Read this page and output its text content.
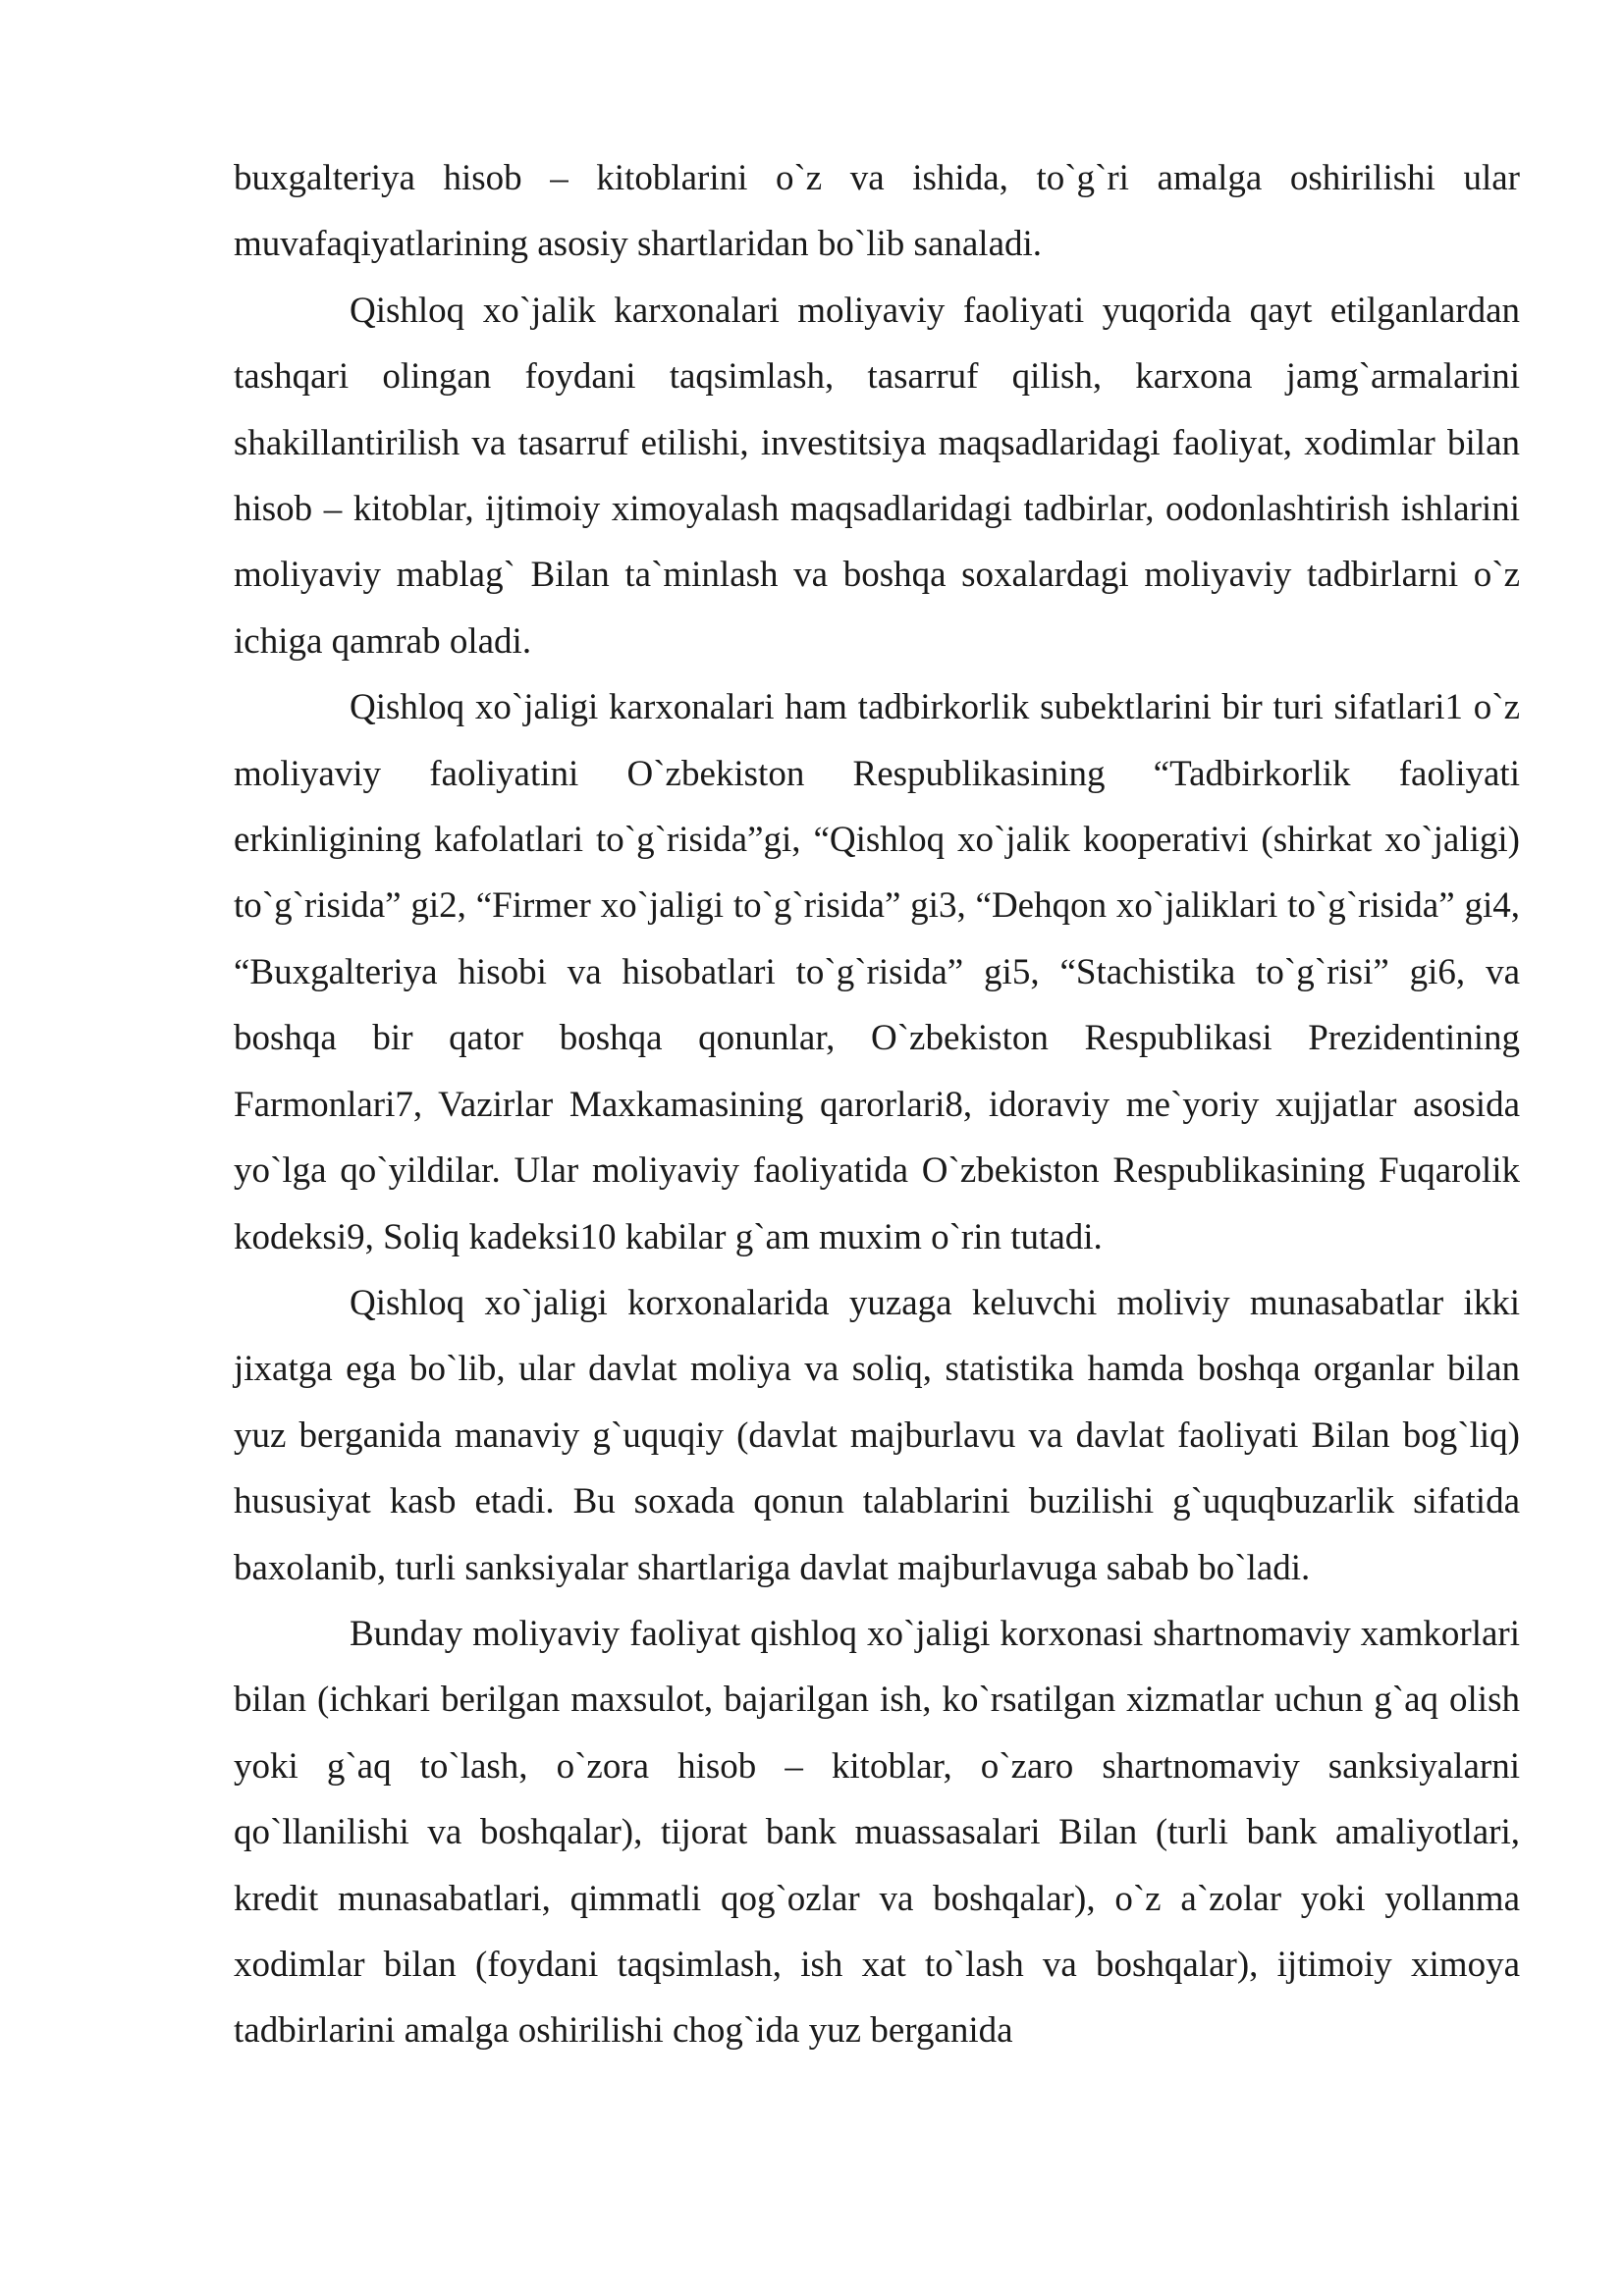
buxgalteriya hisob – kitoblarini o`z va ishida, to`g`ri amalga oshirilishi ular muvafaqiyatlarining asosiy shartlaridan bo`lib sanaladi.

Qishloq xo`jalik karxonalari moliyaviy faoliyati yuqorida qayt etilganlardan tashqari olingan foydani taqsimlash, tasarruf qilish, karxona jamg`armalarini shakillantirilish va tasarruf etilishi, investitsiya maqsadlaridagi faoliyat, xodimlar bilan hisob – kitoblar, ijtimoiy ximoyalash maqsadlaridagi tadbirlar, oodonlashtirish ishlarini moliyaviy mablag` Bilan ta`minlash va boshqa soxalardagi moliyaviy tadbirlarni o`z ichiga qamrab oladi.

Qishloq xo`jaligi karxonalari ham tadbirkorlik subektlarini bir turi sifatlari1 o`z moliyaviy faoliyatini O`zbekiston Respublikasining “Tadbirkorlik faoliyati erkinligining kafolatlari to`g`risida”gi, “Qishloq xo`jalik kooperativi (shirkat xo`jaligi) to`g`risida” gi2, “Firmer xo`jaligi to`g`risida” gi3, “Dehqon xo`jaliklari to`g`risida” gi4, “Buxgalteriya hisobi va hisobatlari to`g`risida” gi5, “Stachistika to`g`risi” gi6, va boshqa bir qator boshqa qonunlar, O`zbekiston Respublikasi Prezidentining Farmonlari7, Vazirlar Maxkamasining qarorlari8, idoraviy me`yoriy xujjatlar asosida yo`lga qo`yildilar. Ular moliyaviy faoliyatida O`zbekiston Respublikasining Fuqarolik kodeksi9, Soliq kadeksi10 kabilar g`am muxim o`rin tutadi.

Qishloq xo`jaligi korxonalarida yuzaga keluvchi moliviy munasabatlar ikki jixatga ega bo`lib, ular davlat moliya va soliq, statistika hamda boshqa organlar bilan yuz berganida manaviy g`uquqiy (davlat majburlavu va davlat faoliyati Bilan bog`liq) hususiyat kasb etadi. Bu soxada qonun talablarini buzilishi g`uquqbuzarlik sifatida baxolanib, turli sanksiyalar shartlariga davlat majburlavuga sabab bo`ladi.

Bunday moliyaviy faoliyat qishloq xo`jaligi korxonasi shartnomaviy xamkorlari bilan (ichkari berilgan maxsulot, bajarilgan ish, ko`rsatilgan xizmatlar uchun g`aq olish yoki g`aq to`lash, o`zora hisob – kitoblar, o`zaro shartnomaviy sanksiyalarni qo`llanilishi va boshqalar), tijorat bank muassasalari Bilan (turli bank amaliyotlari, kredit munasabatlari, qimmatli qog`ozlar va boshqalar), o`z a`zolar yoki yollanma xodimlar bilan (foydani taqsimlash, ish xat to`lash va boshqalar), ijtimoiy ximoya tadbirlarini amalga oshirilishi chog`ida yuz berganida
